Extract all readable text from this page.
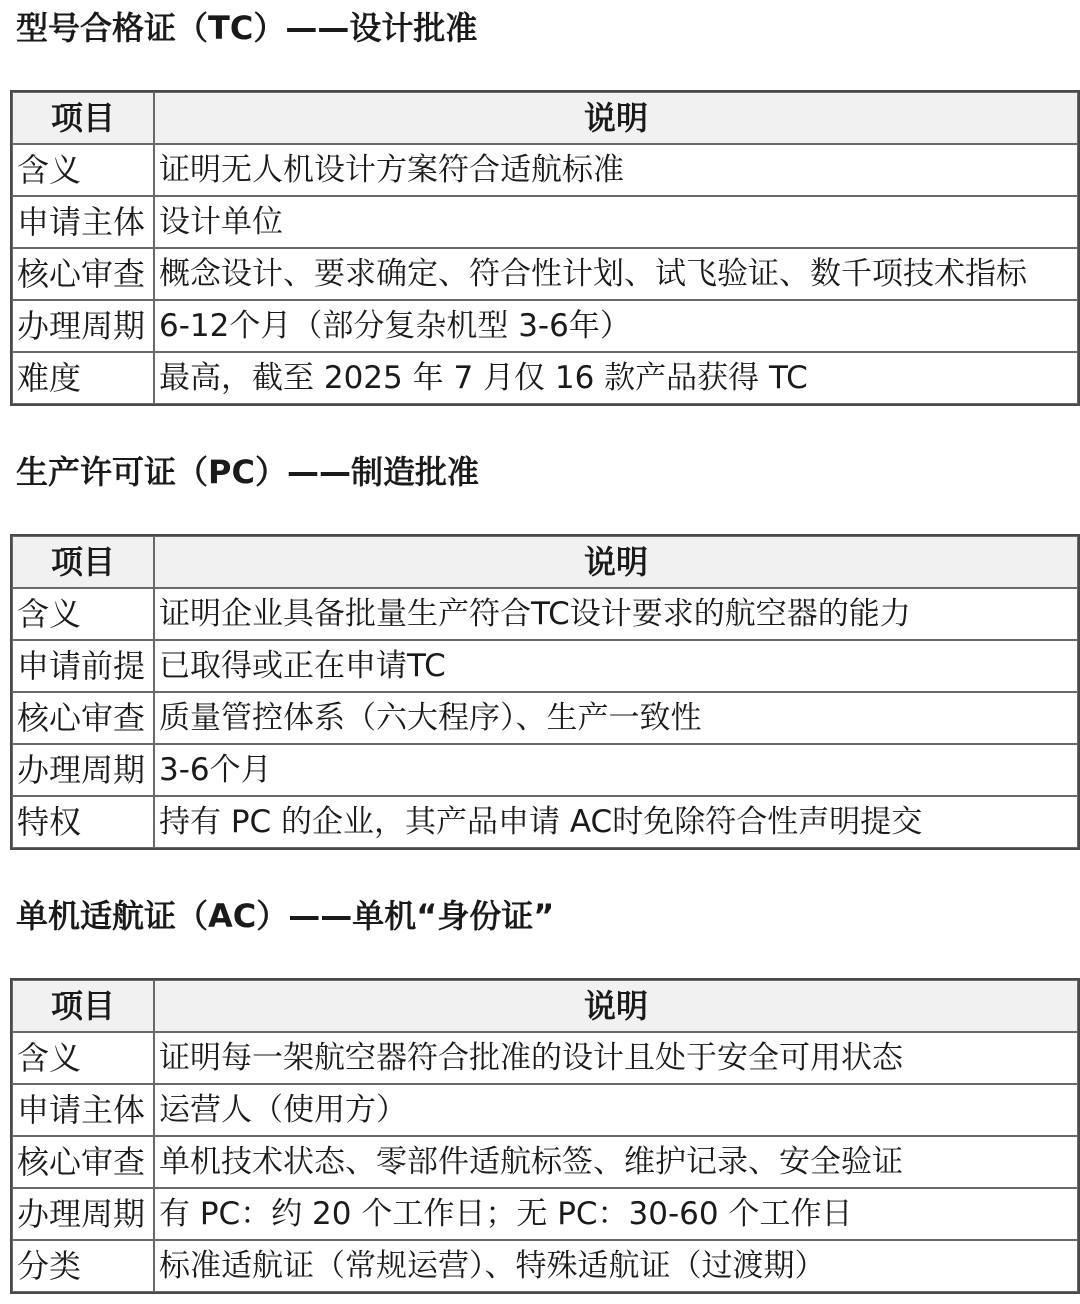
型号合格证（TC）——设计批准
项目	说明
含义	证明无人机设计方案符合适航标准
申请主体	设计单位
核心审查	概念设计、要求确定、符合性计划、试飞验证、数千项技术指标
办理周期	6-12个月（部分复杂机型 3-6年）
难度	最高，截至 2025 年 7 月仅 16 款产品获得 TC
生产许可证（PC）——制造批准
项目	说明
含义	证明企业具备批量生产符合TC设计要求的航空器的能力
申请前提	已取得或正在申请TC
核心审查	质量管控体系（六大程序）、生产一致性
办理周期	3-6个月
特权	持有 PC 的企业，其产品申请 AC时免除符合性声明提交
单机适航证（AC）——单机“身份证”
项目	说明
含义	证明每一架航空器符合批准的设计且处于安全可用状态
申请主体	运营人（使用方）
核心审查	单机技术状态、零部件适航标签、维护记录、安全验证
办理周期	有 PC：约 20 个工作日；无 PC：30-60 个工作日
分类	标准适航证（常规运营）、特殊适航证（过渡期）
